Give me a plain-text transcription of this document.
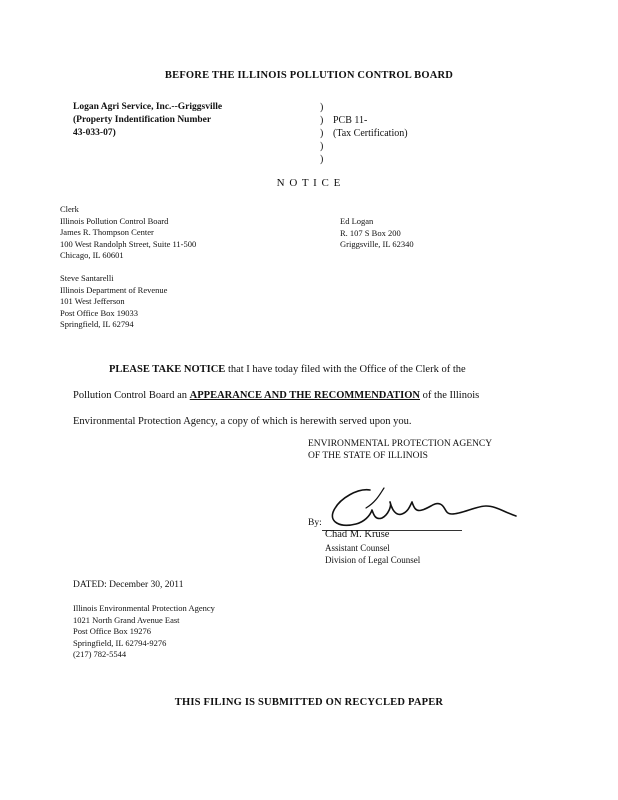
BEFORE THE ILLINOIS POLLUTION CONTROL BOARD
Logan Agri Service, Inc.--Griggsville
(Property Indentification Number
43-033-07)
)
)
)
)
)
PCB 11-
(Tax Certification)
N O T I C E
Clerk
Illinois Pollution Control Board
James R. Thompson Center
100 West Randolph Street, Suite 11-500
Chicago, IL 60601
Ed Logan
R. 107 S Box 200
Griggsville, IL 62340
Steve Santarelli
Illinois Department of Revenue
101 West Jefferson
Post Office Box 19033
Springfield, IL 62794
PLEASE TAKE NOTICE that I have today filed with the Office of the Clerk of the
Pollution Control Board an APPEARANCE AND THE RECOMMENDATION of the Illinois
Environmental Protection Agency, a copy of which is herewith served upon you.
ENVIRONMENTAL PROTECTION AGENCY
OF THE STATE OF ILLINOIS
By:
Chad M. Kruse
Assistant Counsel
Division of Legal Counsel
DATED: December 30, 2011
Illinois Environmental Protection Agency
1021 North Grand Avenue East
Post Office Box 19276
Springfield, IL 62794-9276
(217) 782-5544
THIS FILING IS SUBMITTED ON RECYCLED PAPER
